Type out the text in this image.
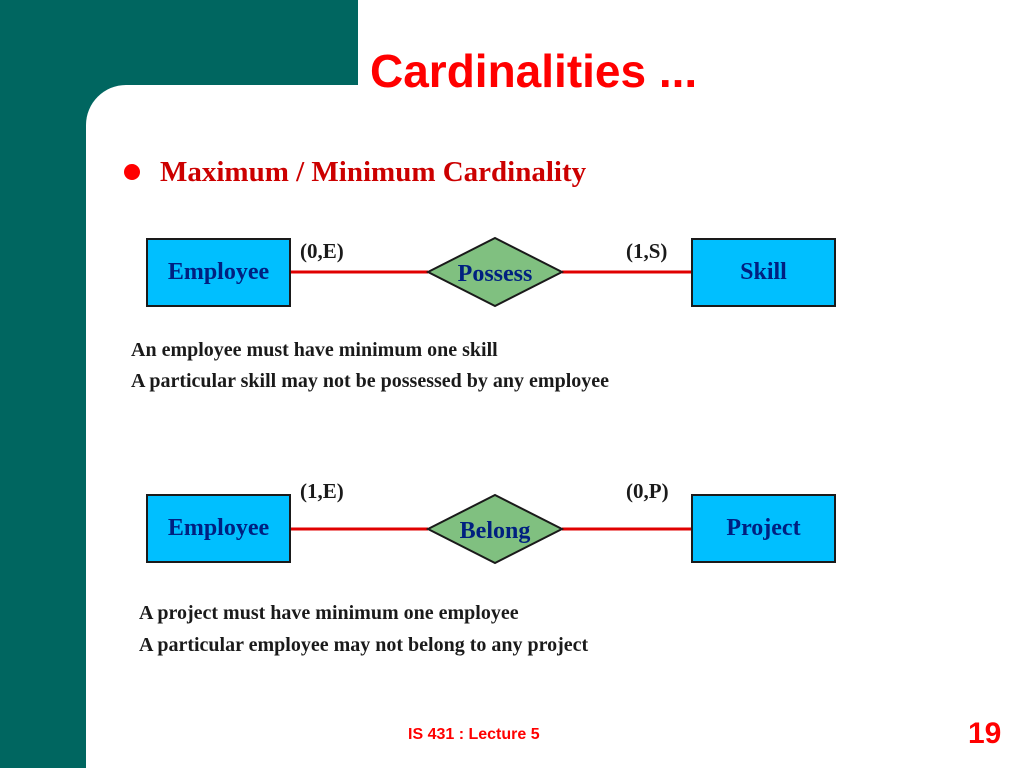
Cardinalities ...
Maximum / Minimum Cardinality
Possess
Belong
(0,E)	(1,S)
Employee	Skill
An employee must have minimum one skill
A particular skill may not be possessed by any employee
(1,E)	(0,P)
Employee	Project
A project must have minimum one employee
A particular employee may not belong to any project
IS 431 : Lecture 5	19
